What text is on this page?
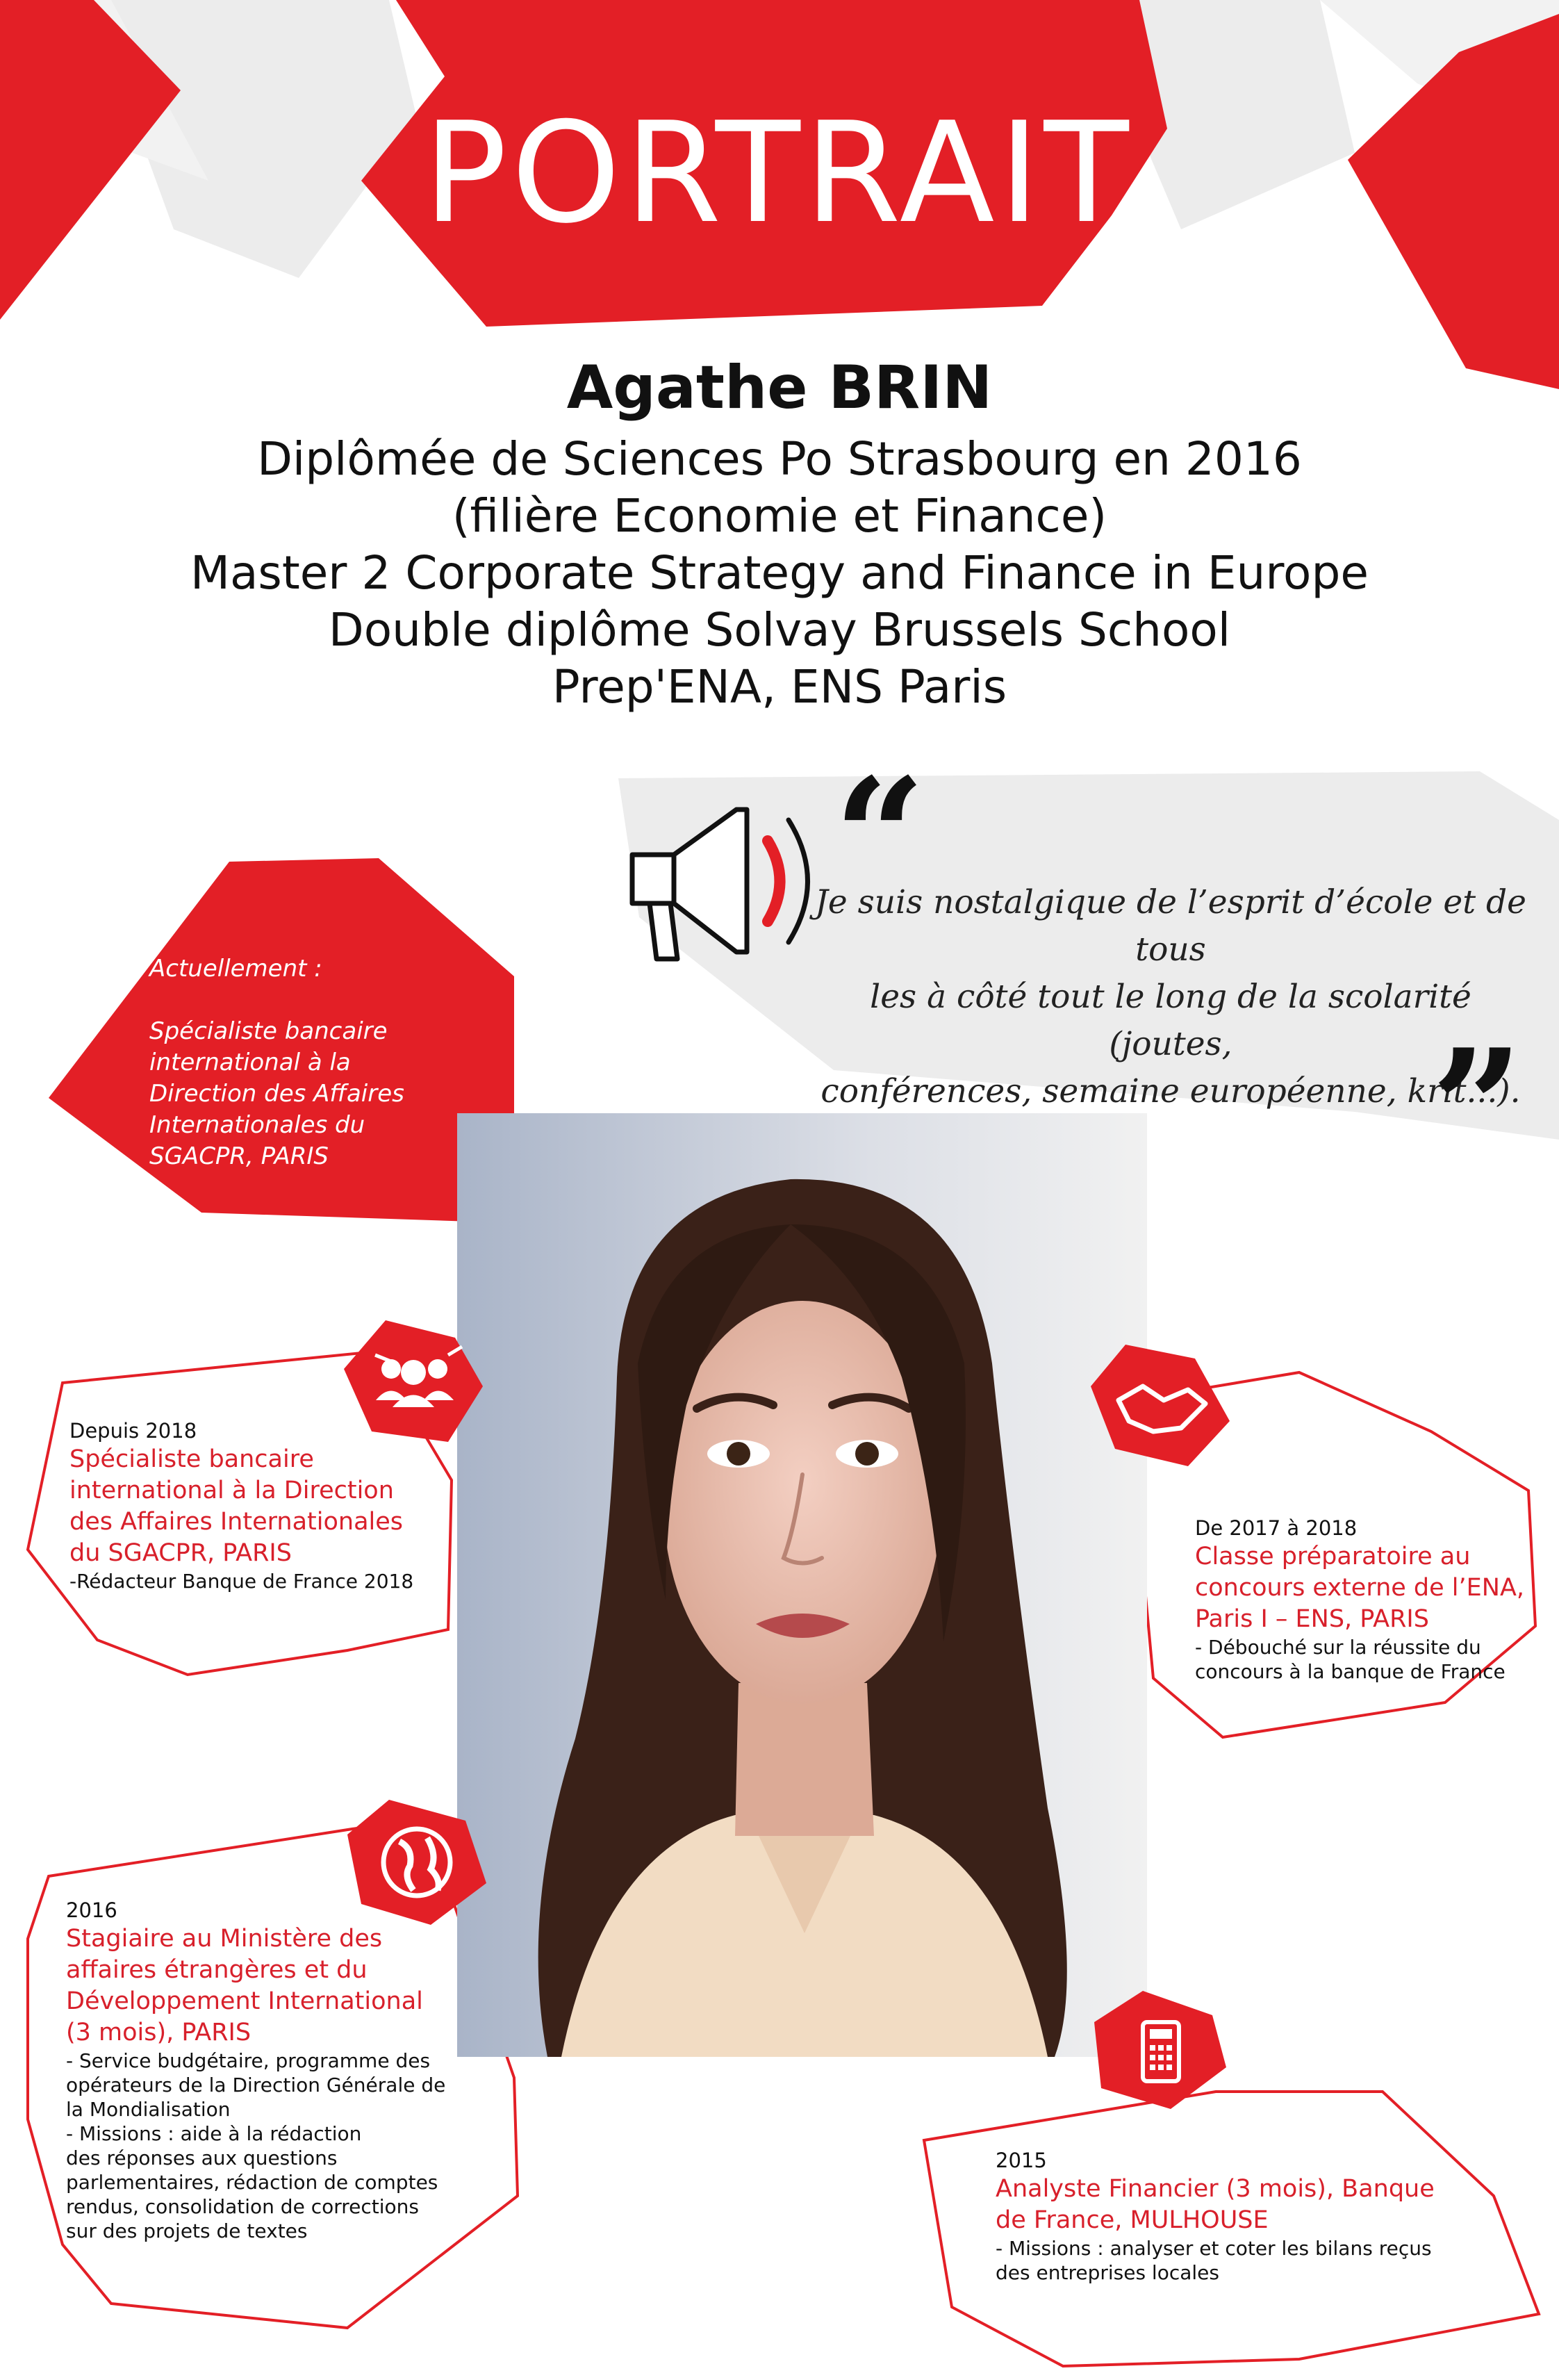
PORTRAIT
Agathe BRIN
Diplômée de Sciences Po Strasbourg en 2016
(filière Economie et Finance)
Master 2 Corporate Strategy and Finance in Europe
Double diplôme Solvay Brussels School
Prep'ENA, ENS Paris
“
Je suis nostalgique de l’esprit d’école et de tous
les à côté tout le long de la scolarité (joutes,
conférences, semaine européenne, krit...).
”
Actuellement :
Spécialiste bancaire
international à la
Direction des Affaires
Internationales du
SGACPR, PARIS
Depuis 2018
Spécialiste bancaire
international à la Direction
des Affaires Internationales
du SGACPR, PARIS
-Rédacteur Banque de France 2018
De 2017 à 2018
Classe préparatoire au
concours externe de l’ENA,
Paris I – ENS, PARIS
- Débouché sur la réussite du
concours à la banque de France
2016
Stagiaire au Ministère des
affaires étrangères et du
Développement International
(3 mois), PARIS
- Service budgétaire, programme des
opérateurs de la Direction Générale de
la Mondialisation
- Missions : aide à la rédaction
des réponses aux questions
parlementaires, rédaction de comptes
rendus, consolidation de corrections
sur des projets de textes
2015
Analyste Financier (3 mois), Banque
de France, MULHOUSE
- Missions : analyser et coter les bilans reçus
des entreprises locales
